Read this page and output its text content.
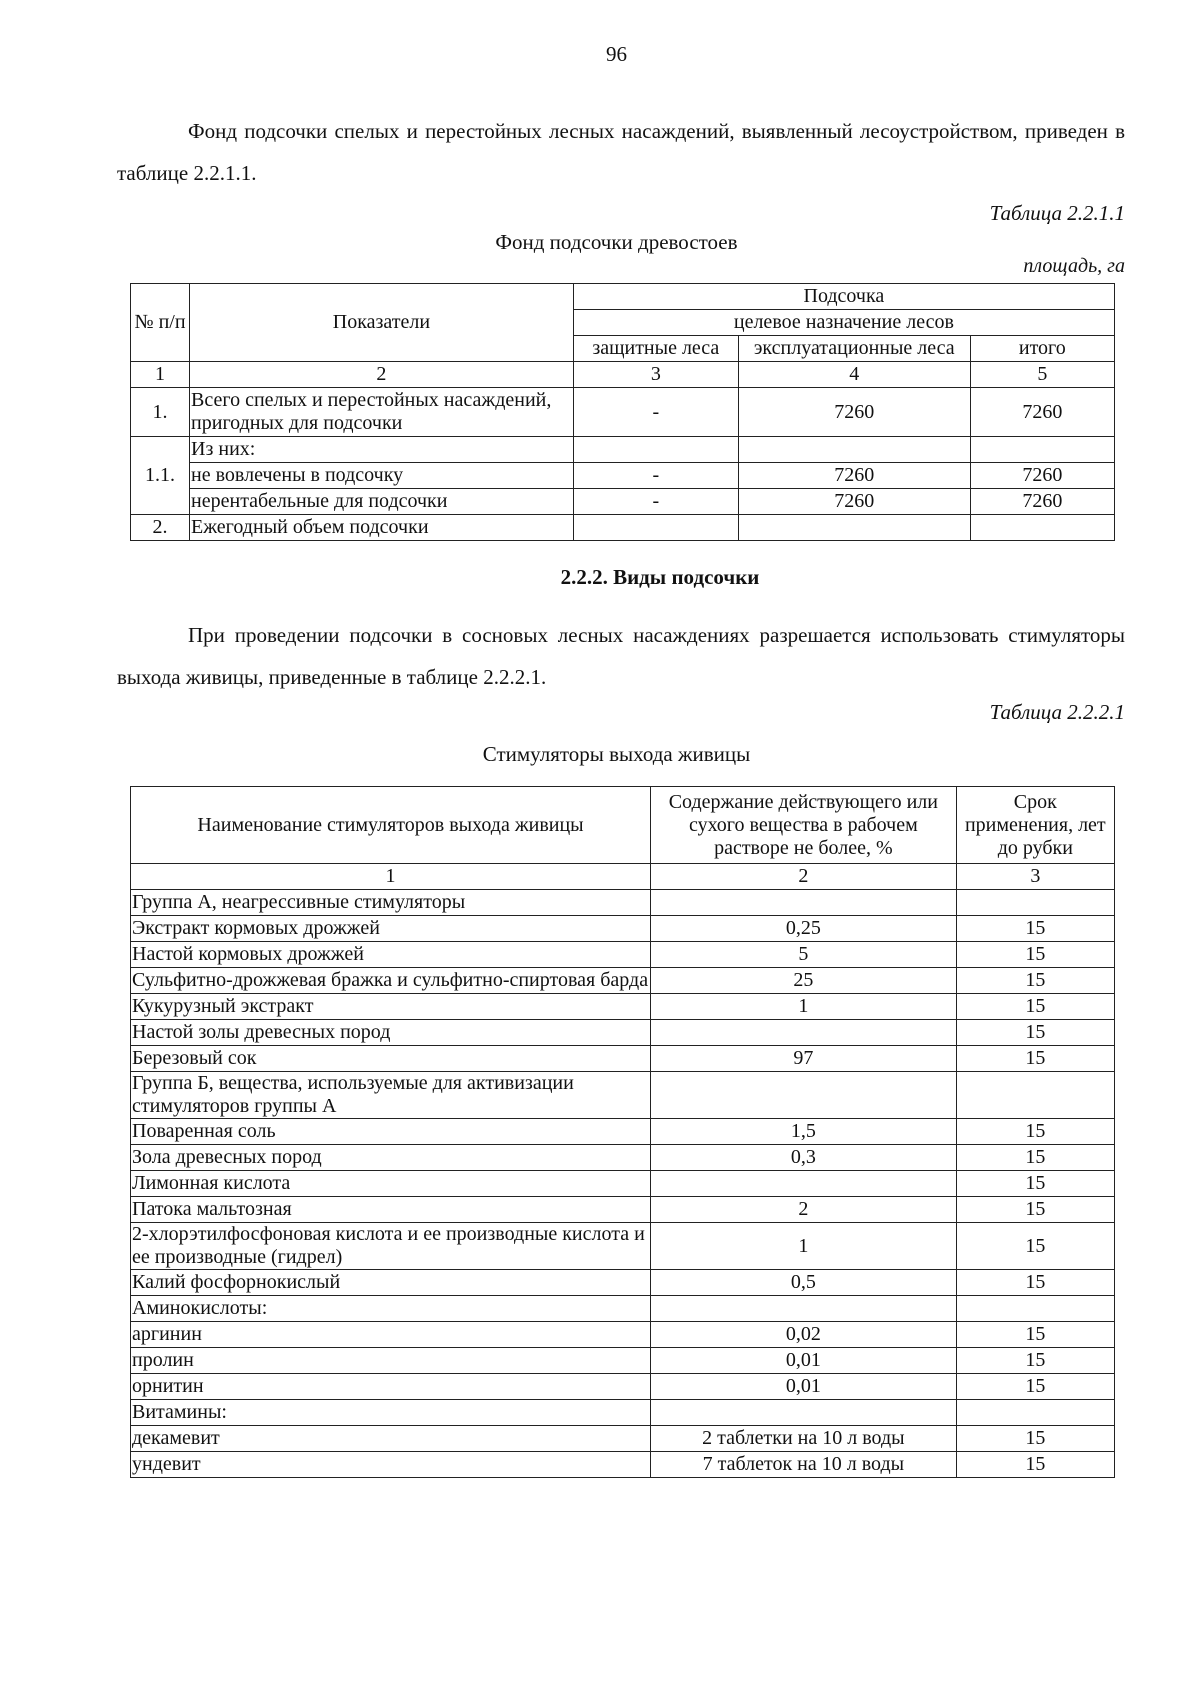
96
Фонд подсочки спелых и перестойных лесных насаждений, выявленный лесоустройством, приведен в таблице 2.2.1.1.
Таблица 2.2.1.1
Фонд подсочки древостоев
площадь, га
№ п/п	Показатели	Подсочка		
		целевое назначение лесов		
		защитные леса	эксплуатационные леса	итого
1	2	3	4	5
1.	Всего спелых и перестойных насаждений, пригодных для подсочки	-	7260	7260
1.1.	Из них:			
	не вовлечены в подсочку	-	7260	7260
	нерентабельные для подсочки	-	7260	7260
2.	Ежегодный объем подсочки			
2.2.2. Виды подсочки
При проведении подсочки в сосновых лесных насаждениях разрешается использовать стимуляторы выхода живицы, приведенные в таблице 2.2.2.1.
Таблица 2.2.2.1
Стимуляторы выхода живицы
Наименование стимуляторов выхода живицы	Содержание действующего или сухого вещества в рабочем растворе не более, %	Срок применения, лет до рубки
1	2	3
Группа А, неагрессивные стимуляторы		
Экстракт кормовых дрожжей	0,25	15
Настой кормовых дрожжей	5	15
Сульфитно-дрожжевая бражка и сульфитно-спиртовая барда	25	15
Кукурузный экстракт	1	15
Настой золы древесных пород		15
Березовый сок	97	15
Группа Б, вещества, используемые для активизации стимуляторов группы А		
Поваренная соль	1,5	15
Зола древесных пород	0,3	15
Лимонная кислота		15
Патока мальтозная	2	15
2-хлорэтилфосфоновая кислота и ее производные кислота и ее производные (гидрел)	1	15
Калий фосфорнокислый	0,5	15
Аминокислоты:		
аргинин	0,02	15
пролин	0,01	15
орнитин	0,01	15
Витамины:		
декамевит	2 таблетки на 10 л воды	15
ундевит	7 таблеток на 10 л воды	15
